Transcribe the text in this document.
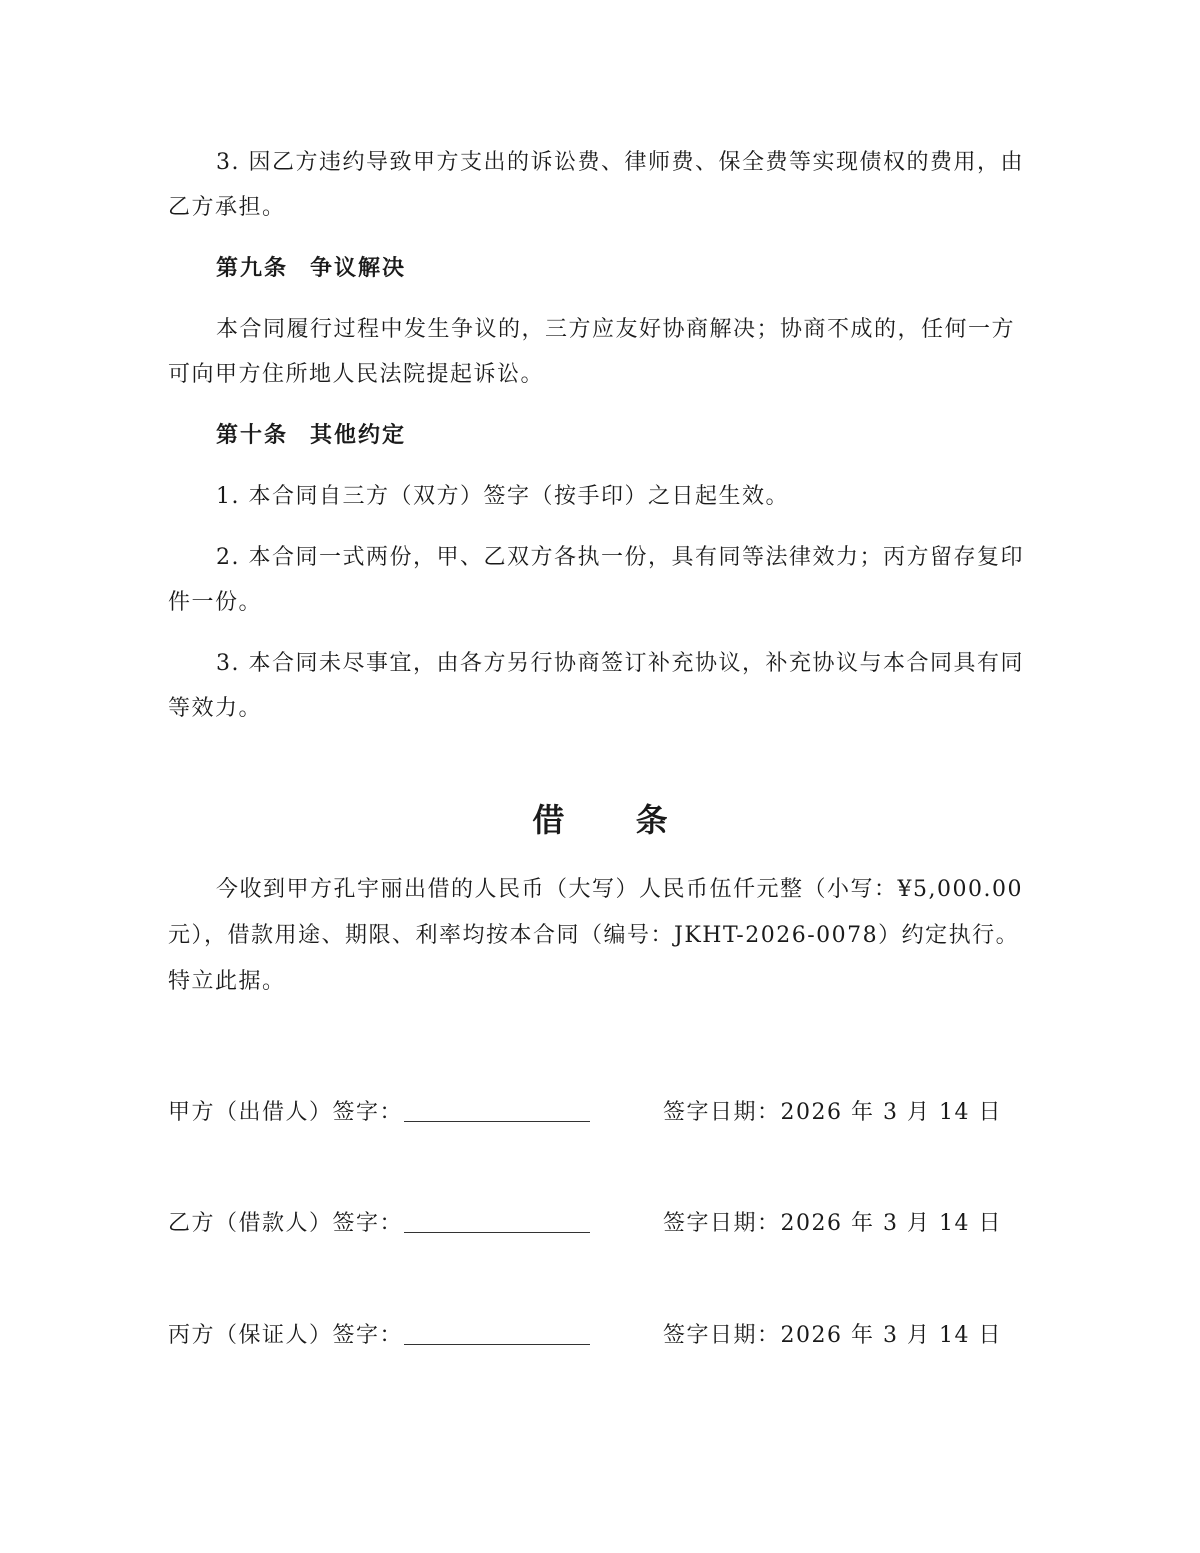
3. 因乙方违约导致甲方支出的诉讼费、律师费、保全费等实现债权的费用，由乙方承担。

第九条 争议解决

本合同履行过程中发生争议的，三方应友好协商解决；协商不成的，任何一方可向甲方住所地人民法院提起诉讼。

第十条 其他约定

1. 本合同自三方（双方）签字（按手印）之日起生效。

2. 本合同一式两份，甲、乙双方各执一份，具有同等法律效力；丙方留存复印件一份。

3. 本合同未尽事宜，由各方另行协商签订补充协议，补充协议与本合同具有同等效力。

借 条

今收到甲方孔宇丽出借的人民币（大写）人民币伍仟元整（小写：¥5,000.00元），借款用途、期限、利率均按本合同（编号：JKHT-2026-0078）约定执行。特立此据。

甲方（出借人）签字：	签字日期：2026 年 3 月 14 日
乙方（借款人）签字：	签字日期：2026 年 3 月 14 日
丙方（保证人）签字：	签字日期：2026 年 3 月 14 日
